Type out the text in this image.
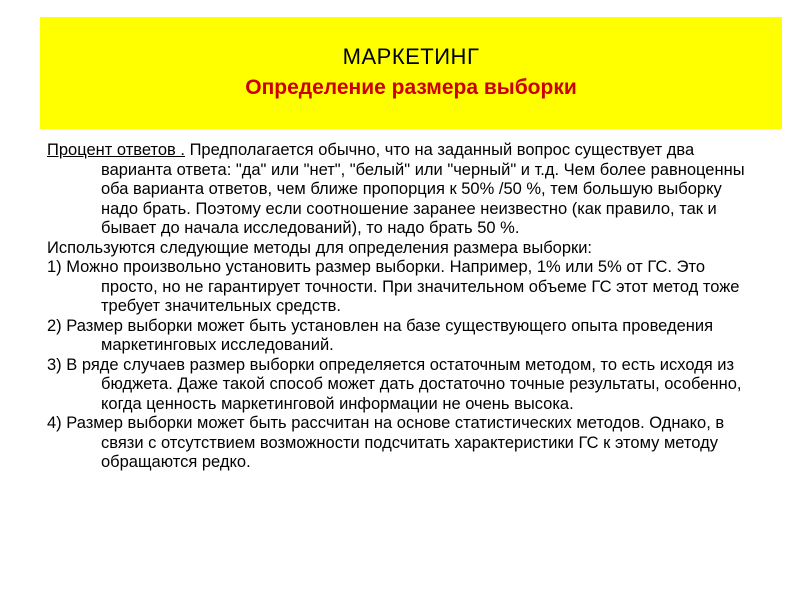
МАРКЕТИНГ
Определение размера выборки

Процент ответов . Предполагается обычно, что на заданный вопрос существует два варианта ответа: "да" или "нет", "белый" или "черный" и т.д. Чем более равноценны оба варианта ответов, чем ближе пропорция к 50% /50 %, тем большую выборку надо брать. Поэтому если соотношение заранее неизвестно (как правило, так и бывает до начала исследований), то надо брать 50 %.

Используются следующие методы для определения размера выборки:

1) Можно произвольно установить размер выборки. Например, 1% или 5% от ГС. Это просто, но не гарантирует точности. При значительном объеме ГС этот метод тоже требует значительных средств.

2) Размер выборки может быть установлен на базе существующего опыта проведения маркетинговых исследований.

3) В ряде случаев размер выборки определяется остаточным методом, то есть исходя из бюджета. Даже такой способ может дать достаточно точные результаты, особенно, когда ценность маркетинговой информации не очень высока.

4) Размер выборки может быть рассчитан на основе статистических методов. Однако, в связи с отсутствием возможности подсчитать характеристики ГС к этому методу обращаются редко.
